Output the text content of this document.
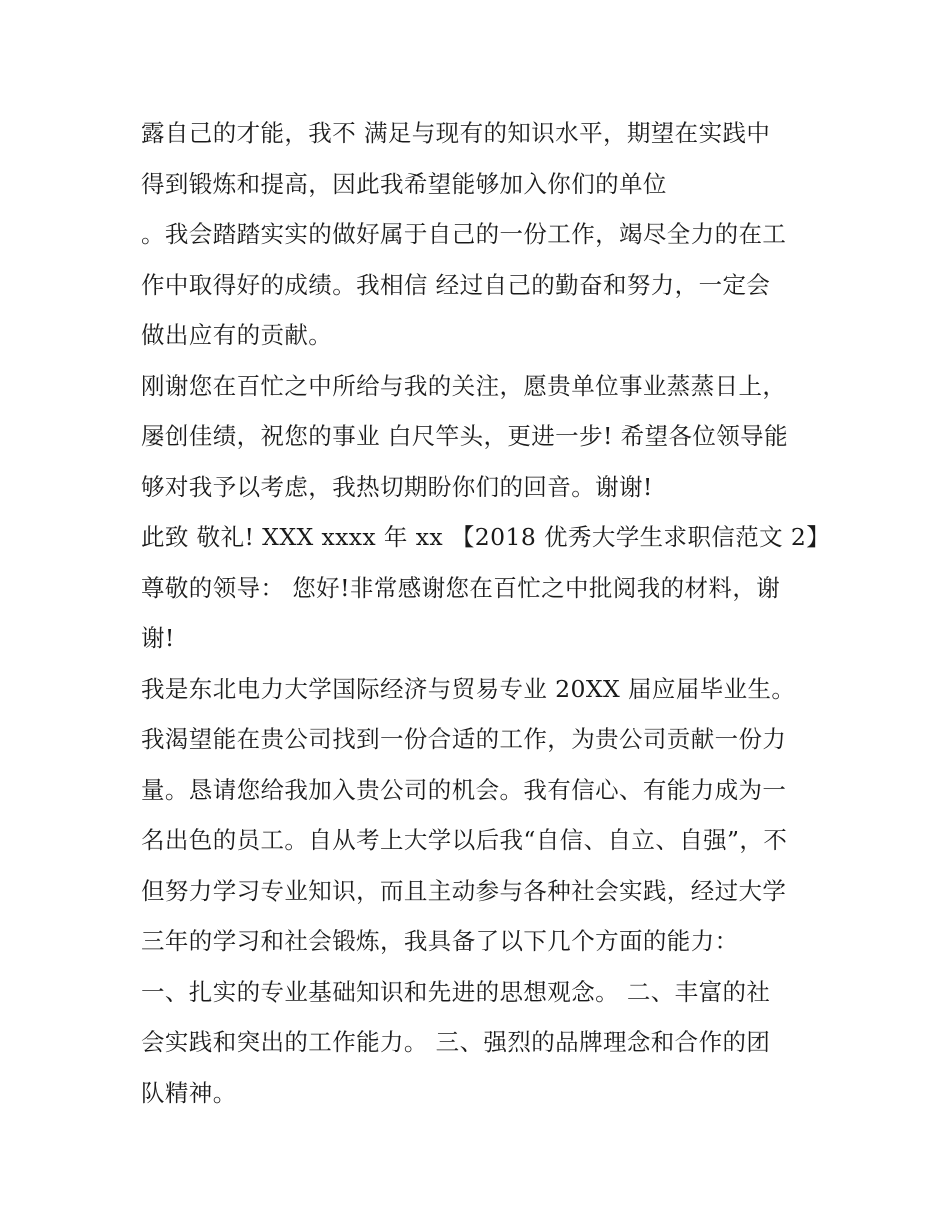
露自己的才能，我不 满足与现有的知识水平，期望在实践中
得到锻炼和提高，因此我希望能够加入你们的单位
。我会踏踏实实的做好属于自己的一份工作，竭尽全力的在工
作中取得好的成绩。我相信 经过自己的勤奋和努力，一定会
做出应有的贡献。
刚谢您在百忙之中所给与我的关注，愿贵单位事业蒸蒸日上，
屡创佳绩，祝您的事业 白尺竿头，更进一步! 希望各位领导能
够对我予以考虑，我热切期盼你们的回音。谢谢!
此致 敬礼! XXX xxxx 年 xx 【2018 优秀大学生求职信范文 2】
尊敬的领导： 您好!非常感谢您在百忙之中批阅我的材料，谢
谢!
我是东北电力大学国际经济与贸易专业 20XX 届应届毕业生。
我渴望能在贵公司找到一份合适的工作，为贵公司贡献一份力
量。恳请您给我加入贵公司的机会。我有信心、有能力成为一
名出色的员工。自从考上大学以后我“自信、自立、自强”，不
但努力学习专业知识，而且主动参与各种社会实践，经过大学
三年的学习和社会锻炼，我具备了以下几个方面的能力：
一、扎实的专业基础知识和先进的思想观念。 二、丰富的社
会实践和突出的工作能力。 三、强烈的品牌理念和合作的团
队精神。
